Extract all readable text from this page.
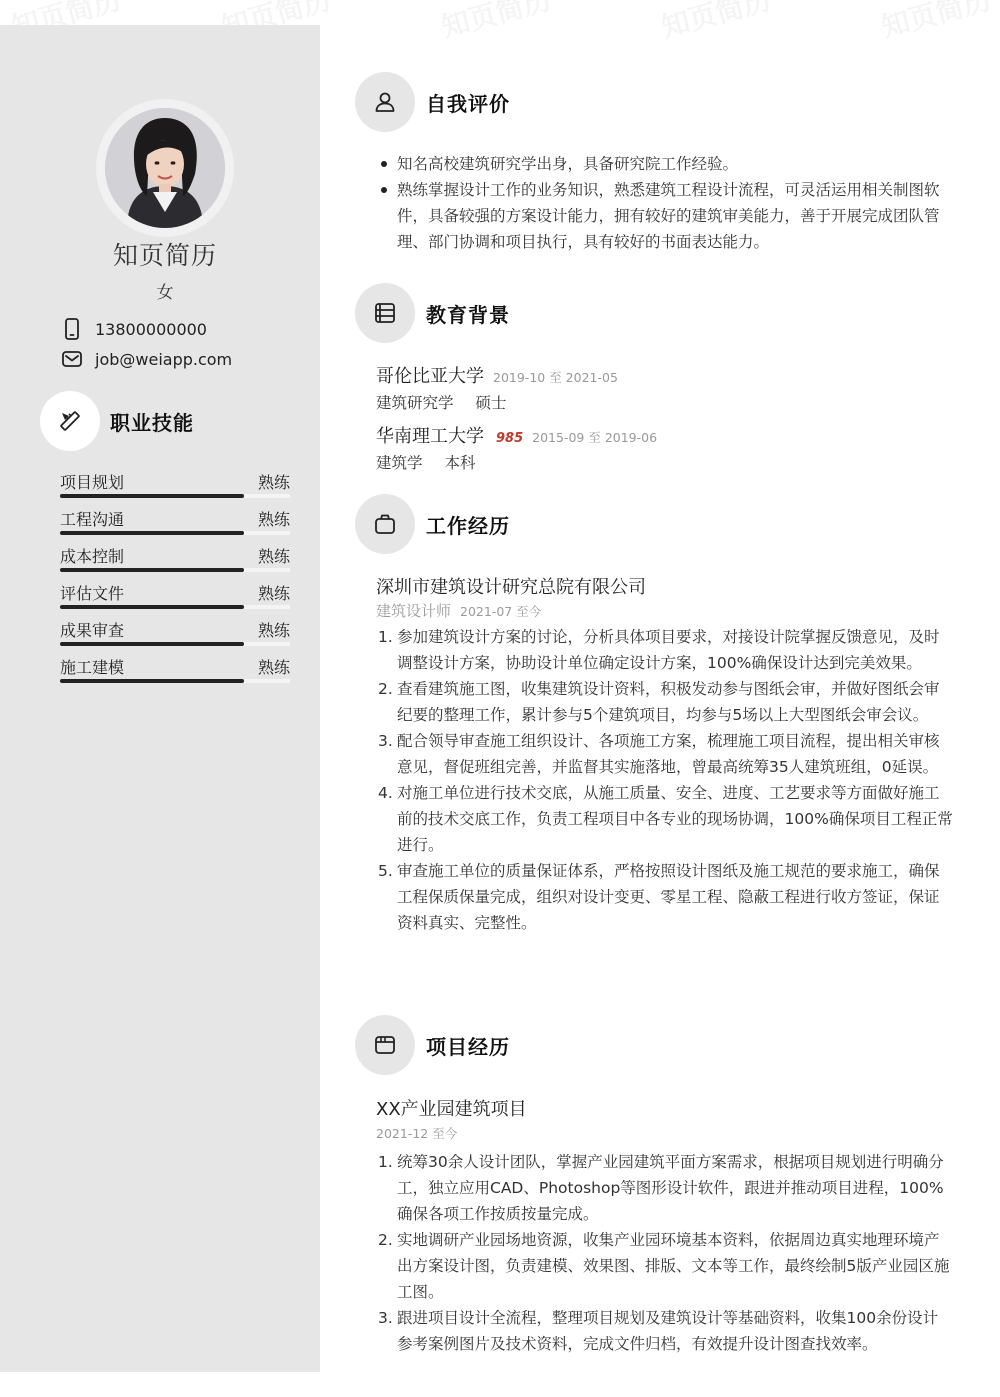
知页简历
女
13800000000
job@weiapp.com
职业技能
项目规划	熟练
工程沟通	熟练
成本控制	熟练
评估文件	熟练
成果审查	熟练
施工建模	熟练
自我评价
知名高校建筑研究学出身，具备研究院工作经验。
熟练掌握设计工作的业务知识，熟悉建筑工程设计流程，可灵活运用相关制图软件，具备较强的方案设计能力，拥有较好的建筑审美能力，善于开展完成团队管理、部门协调和项目执行，具有较好的书面表达能力。
教育背景
哥伦比亚大学 2019-10 至 2021-05
建筑研究学 硕士
华南理工大学 985 2015-09 至 2019-06
建筑学 本科
工作经历
深圳市建筑设计研究总院有限公司
建筑设计师 2021-07 至今
1. 参加建筑设计方案的讨论，分析具体项目要求，对接设计院掌握反馈意见，及时调整设计方案，协助设计单位确定设计方案，100%确保设计达到完美效果。
2. 查看建筑施工图，收集建筑设计资料，积极发动参与图纸会审，并做好图纸会审纪要的整理工作，累计参与5个建筑项目，均参与5场以上大型图纸会审会议。
3. 配合领导审查施工组织设计、各项施工方案，梳理施工项目流程，提出相关审核意见，督促班组完善，并监督其实施落地，曾最高统筹35人建筑班组，0延误。
4. 对施工单位进行技术交底，从施工质量、安全、进度、工艺要求等方面做好施工前的技术交底工作，负责工程项目中各专业的现场协调，100%确保项目工程正常进行。
5. 审查施工单位的质量保证体系，严格按照设计图纸及施工规范的要求施工，确保工程保质保量完成，组织对设计变更、零星工程、隐蔽工程进行收方签证，保证资料真实、完整性。
项目经历
XX产业园建筑项目
2021-12 至今
1. 统筹30余人设计团队，掌握产业园建筑平面方案需求，根据项目规划进行明确分工，独立应用CAD、Photoshop等图形设计软件，跟进并推动项目进程，100%确保各项工作按质按量完成。
2. 实地调研产业园场地资源，收集产业园环境基本资料，依据周边真实地理环境产出方案设计图，负责建模、效果图、排版、文本等工作，最终绘制5版产业园区施工图。
3. 跟进项目设计全流程，整理项目规划及建筑设计等基础资料，收集100余份设计参考案例图片及技术资料，完成文件归档，有效提升设计图查找效率。
